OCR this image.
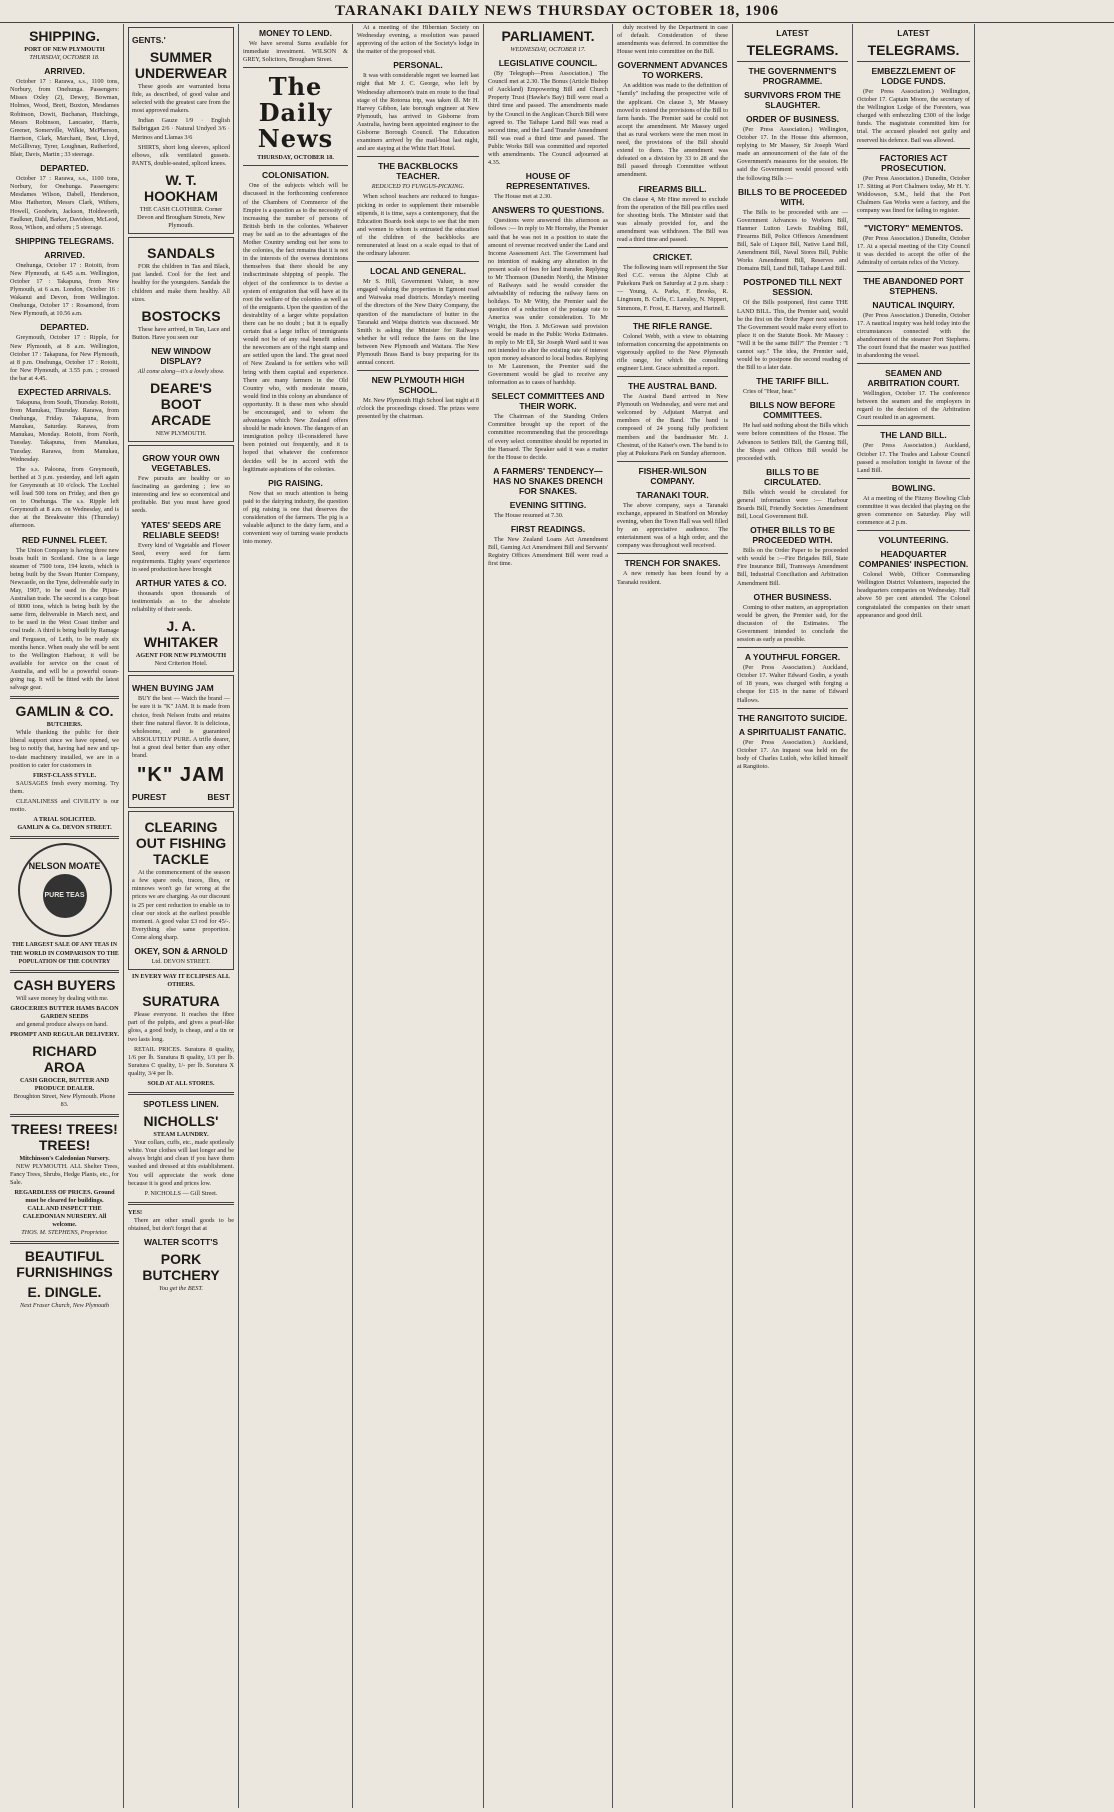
TARANAKI DAILY NEWS THURSDAY OCTOBER 18, 1906
SHIPPING.
PORT OF NEW PLYMOUTH
THURSDAY, OCTOBER 18.
ARRIVED.

October 17 : Rarawa, s.s., 1100 tons, Norbury, from Onehunga. Passengers: Misses Oxley (2), Dewey, Bowman, Holmes, Wood, Brett, Buxton, Mesdames Robinson, Dowit, Buchanan, Hutchings, Messrs Robinson, Lancaster, Harris, Greener, Somerville, Wilkie, McPherson, Harrison, Clark, Marchant, Best, Lloyd, McGillivray, Tyrer, Loughnan, Rutherford, Blair, Davis, Martin ; 33 steerage.

DEPARTED.

October 17 : Rarawa, s.s., 1100 tons, Norbury, for Onehunga. Passengers: Mesdames Wilson, Dabell, Henderson, Miss Hatherton, Messrs Clark, Withers, Howell, Goodwin, Jackson, Holdsworth, Faulkner, Dahl, Barker, Davidson, McLeod, Ross, Wilson, and others ; 5 steerage.

SHIPPING TELEGRAMS.
ARRIVED.

Onehunga, October 17 : Rotoiti, from New Plymouth, at 6.45 a.m. Wellington, October 17 : Takapuna, from New Plymouth, at 6 a.m. London, October 16 : Wakanui and Devon, from Wellington. Onehunga, October 17 : Rosamond, from New Plymouth, at 10.56 a.m.

DEPARTED.

Greymouth, October 17 : Ripple, for New Plymouth, at 8 a.m. Wellington, October 17 : Takapuna, for New Plymouth, at 8 p.m. Onehunga, October 17 : Rotoiti, for New Plymouth, at 3.55 p.m. ; crossed the bar at 4.45.

EXPECTED ARRIVALS.

Takapuna, from South, Thursday. Rotoiti, from Manukau, Thursday. Rarawa, from Onehunga, Friday. Takapuna, from Manukau, Saturday. Rarawa, from Manukau, Monday. Rotoiti, from North, Tuesday. Takapuna, from Manukau, Tuesday. Rarawa, from Manukau, Wednesday.

The s.s. Paloona, from Greymouth, berthed at 3 p.m. yesterday, and left again for Greymouth at 10 o'clock. The Lochiel will load 500 tons on Friday, and then go on to Onehunga. The s.s. Ripple left Greymouth at 8 a.m. on Wednesday, and is due at the Breakwater this (Thursday) afternoon.

RED FUNNEL FLEET.

The Union Company is having three new boats built in Scotland. One is a large steamer of 7500 tons, 194 knots, which is being built by the Swan Hunter Company, Newcastle, on the Tyne, deliverable early in May, 1907, to be used in the Pijian-Australian trade. The second is a cargo boat of 8000 tons, which is being built by the same firm, deliverable in March next, and to be used in the West Coast timber and coal trade. A third is being built by Ramage and Ferguson, of Leith, to be ready six months hence. When ready she will be sent to the Wellington Harbour, it will be available for service on the coast of Australia, and will be a powerful ocean-going tug. It will be fitted with the latest salvage gear.

GAMLIN & CO.
BUTCHERS.

While thanking the public for their liberal support since we have opened, we beg to notify that, having had new and up-to-date machinery installed, we are in a position to cater for customers in

FIRST-CLASS STYLE.

SAUSAGES fresh every morning. Try them.

CLEANLINESS and CIVILITY is our motto.

A TRIAL SOLICITED.
GAMLIN & Co. DEVON STREET.
NELSON MOATE
PURE TEAS
THE LARGEST SALE OF ANY TEAS IN THE WORLD IN COMPARISON TO THE POPULATION OF THE COUNTRY
CASH BUYERS

Will save money by dealing with me.

GROCERIES BUTTER HAMS BACON GARDEN SEEDS

and general produce always on hand.

PROMPT AND REGULAR DELIVERY.
RICHARD AROA
CASH GROCER, BUTTER AND PRODUCE DEALER.
Broughton Street, New Plymouth. Phone 83.
TREES! TREES! TREES!
Mitchinson's Caledonian Nursery.

NEW PLYMOUTH. ALL Shelter Trees, Fancy Trees, Shrubs, Hedge Plants, etc., for Sale.

REGARDLESS OF PRICES. Ground must be cleared for buildings.
CALL AND INSPECT THE CALEDONIAN NURSERY. All welcome.
THOS. M. STEPHENS, Proprietor.
BEAUTIFUL FURNISHINGS
E. DINGLE.
Next Fraser Church, New Plymouth
GENTS.'
SUMMER UNDERWEAR

These goods are warranted bona fide, as described, of good value and selected with the greatest care from the most approved makers.

Indian Gauze 1/9 · English Balbriggan 2/6 · Natural Undyed 3/6 · Merinos and Llamas 3/6

SHIRTS, short long sleeves, spliced elbows, silk ventilated gussets. PANTS, double-seated, spliced knees.

W. T. HOOKHAM
THE CASH CLOTHIER. Corner Devon and Brougham Streets, New Plymouth.
SANDALS

FOR the children in Tan and Black, just landed. Cool for the feet and healthy for the youngsters. Sandals the children and make them healthy. All sizes.

BOSTOCKS

These have arrived, in Tan, Lace and Button. Have you seen our

NEW WINDOW DISPLAY?
All come along—it's a lovely show.
DEARE'S BOOT ARCADE
NEW PLYMOUTH.
GROW YOUR OWN VEGETABLES.

Few pursuits are healthy or so fascinating as gardening ; few so interesting and few so economical and profitable. But you must have good seeds.

YATES' SEEDS ARE RELIABLE SEEDS!

Every kind of Vegetable and Flower Seed, every seed for farm requirements. Eighty years' experience in seed production have brought

ARTHUR YATES & CO.

thousands upon thousands of testimonials as to the absolute reliability of their seeds.

J. A. WHITAKER
AGENT FOR NEW PLYMOUTH
Next Criterion Hotel.
WHEN BUYING JAM

BUY the best — Watch the brand — be sure it is "K" JAM. It is made from choice, fresh Nelson fruits and retains their fine natural flavor. It is delicious, wholesome, and is guaranteed ABSOLUTELY PURE. A trifle dearer, but a great deal better than any other brand.

"K" JAM
PUREST	BEST
CLEARING OUT FISHING TACKLE

At the commencement of the season a few spare reels, traces, flies, or minnows won't go far wrong at the prices we are charging. As our discount is 25 per cent reduction to enable us to clear our stock at the earliest possible moment. A good value £3 rod for 45/-. Everything else same proportion. Come along sharp.

OKEY, SON & ARNOLD
Ltd. DEVON STREET.
IN EVERY WAY IT ECLIPSES ALL OTHERS.
SURATURA

Please everyone. It reaches the fibre part of the pulpits, and gives a pearl-like gloss, a good body, is cheap, and a tin or two lasts long.

RETAIL PRICES. Suratura 8 quality, 1/6 per lb. Suratura B quality, 1/3 per lb. Suratura C quality, 1/- per lb. Suratura X quality, 3/4 per lb.

SOLD AT ALL STORES.
SPOTLESS LINEN.
NICHOLLS'
STEAM LAUNDRY.

Your collars, cuffs, etc., made spotlessly white. Your clothes will last longer and be always bright and clean if you have them washed and dressed at this establishment. You will appreciate the work done because it is good and prices low.

P. NICHOLLS — Gill Street.
YES!

There are other small goods to be obtained, but don't forget that at

WALTER SCOTT'S
PORK BUTCHERY
You get the BEST.
MONEY TO LEND.

We have several Sums available for immediate investment. WILSON & GREY, Solicitors, Brougham Street.

The Daily News
THURSDAY, OCTOBER 18.
COLONISATION.

One of the subjects which will be discussed in the forthcoming conference of the Chambers of Commerce of the Empire is a question as to the necessity of increasing the number of persons of British birth in the colonies. Whatever may be said as to the advantages of the Mother Country sending out her sons to the colonies, the fact remains that it is not in the interests of the oversea dominions themselves that there should be any indiscriminate shipping of people. The object of the conference is to devise a system of emigration that will have at its root the welfare of the colonies as well as of the emigrants. Upon the question of the desirability of a larger white population there can be no doubt ; but it is equally certain that a large influx of immigrants would not be of any real benefit unless the newcomers are of the right stamp and are settled upon the land. The great need of New Zealand is for settlers who will bring with them capital and experience. There are many farmers in the Old Country who, with moderate means, would find in this colony an abundance of opportunity. It is these men who should be encouraged, and to whom the advantages which New Zealand offers should be made known. The dangers of an immigration policy ill-considered have been pointed out frequently, and it is hoped that whatever the conference decides will be in accord with the legitimate aspirations of the colonies.

PIG RAISING.

Now that so much attention is being paid to the dairying industry, the question of pig raising is one that deserves the consideration of the farmers. The pig is a valuable adjunct to the dairy farm, and a convenient way of turning waste products into money.

At a meeting of the Hibernian Society on Wednesday evening, a resolution was passed approving of the action of the Society's lodge in the matter of the proposed visit.

PERSONAL.

It was with considerable regret we learned last night that Mr J. C. George, who left by Wednesday afternoon's train en route to the final stage of the Rotorua trip, was taken ill. Mr H. Harvey Gibbon, late borough engineer at New Plymouth, has arrived in Gisborne from Australia, having been appointed engineer to the Gisborne Borough Council. The Education examiners arrived by the mail-boat last night, and are staying at the White Hart Hotel.

THE BACKBLOCKS TEACHER.
REDUCED TO FUNGUS-PICKING.

When school teachers are reduced to fungus-picking in order to supplement their miserable stipends, it is time, says a contemporary, that the Education Boards took steps to see that the men and women to whom is entrusted the education of the children of the backblocks are remunerated at least on a scale equal to that of the ordinary labourer.

LOCAL AND GENERAL.

Mr S. Hill, Government Valuer, is now engaged valuing the properties in Egmont road and Waiwaka road districts. Monday's meeting of the directors of the New Dairy Company, the question of the manufacture of butter in the Taranaki and Waipa districts was discussed. Mr Smith is asking the Minister for Railways whether he will reduce the fares on the line between New Plymouth and Waitara. The New Plymouth Brass Band is busy preparing for its annual concert.

NEW PLYMOUTH HIGH SCHOOL.

Mr. New Plymouth High School last night at 8 o'clock the proceedings closed. The prizes were presented by the chairman.

PARLIAMENT.
WEDNESDAY, OCTOBER 17.
LEGISLATIVE COUNCIL.

(By Telegraph—Press Association.) The Council met at 2.30. The Bonus (Article Bishop of Auckland) Empowering Bill and Church Property Trust (Hawke's Bay) Bill were read a third time and passed. The amendments made by the Council in the Anglican Church Bill were agreed to. The Taihape Land Bill was read a second time, and the Land Transfer Amendment Bill was read a third time and passed. The Public Works Bill was committed and reported with amendments. The Council adjourned at 4.35.

HOUSE OF REPRESENTATIVES.

The House met at 2.30.

ANSWERS TO QUESTIONS.

Questions were answered this afternoon as follows :— In reply to Mr Hornsby, the Premier said that he was not in a position to state the amount of revenue received under the Land and Income Assessment Act. The Government had no intention of making any alteration in the present scale of fees for land transfer. Replying to Mr Thomson (Dunedin North), the Minister of Railways said he would consider the advisability of reducing the railway fares on holidays. To Mr Witty, the Premier said the question of a reduction of the postage rate to America was under consideration. To Mr Wright, the Hon. J. McGowan said provision would be made in the Public Works Estimates. In reply to Mr Ell, Sir Joseph Ward said it was not intended to alter the existing rate of interest upon money advanced to local bodies. Replying to Mr Laurenson, the Premier said the Government would be glad to receive any information as to cases of hardship.

SELECT COMMITTEES AND THEIR WORK.

The Chairman of the Standing Orders Committee brought up the report of the committee recommending that the proceedings of every select committee should be reported in the Hansard. The Speaker said it was a matter for the House to decide.

A FARMERS' TENDENCY—HAS NO SNAKES DRENCH FOR SNAKES.
EVENING SITTING.

The House resumed at 7.30.

FIRST READINGS.

The New Zealand Loans Act Amendment Bill, Gaming Act Amendment Bill and Servants' Registry Offices Amendment Bill were read a first time.

duly received by the Department in case of default. Consideration of these amendments was deferred. In committee the House went into committee on the Bill.

GOVERNMENT ADVANCES TO WORKERS.

An addition was made to the definition of "family" including the prospective wife of the applicant. On clause 3, Mr Massey moved to extend the provisions of the Bill to farm hands. The Premier said he could not accept the amendment. Mr Massey urged that as rural workers were the men most in need, the provisions of the Bill should extend to them. The amendment was defeated on a division by 33 to 28 and the Bill passed through Committee without amendment.

FIREARMS BILL.

On clause 4, Mr Hine moved to exclude from the operation of the Bill pea rifles used for shooting birds. The Minister said that was already provided for, and the amendment was withdrawn. The Bill was read a third time and passed.

CRICKET.

The following team will represent the Star Red C.C. versus the Alpine Club at Pukekura Park on Saturday at 2 p.m. sharp :— Young, A. Parks, F. Brooks, R. Lingmum, B. Cuffe, C. Lansley, N. Nippert, Simmons, F. Frost, E. Harvey, and Hartnell.

THE RIFLE RANGE.

Colonel Webb, with a view to obtaining information concerning the appointments on vigorously applied to the New Plymouth rifle range, for which the consulting engineer Lient. Grace submitted a report.

THE AUSTRAL BAND.

The Austral Band arrived in New Plymouth on Wednesday, and were met and welcomed by Adjutant Marryat and members of the Band. The band is composed of 24 young fully proficient members and the bandmaster Mr. J. Chestnut, of the Kaiser's own. The band is to play at Pukekura Park on Sunday afternoon.

FISHER-WILSON COMPANY.
TARANAKI TOUR.

The above company, says a Taranaki exchange, appeared in Stratford on Monday evening, when the Town Hall was well filled by an appreciative audience. The entertainment was of a high order, and the company was throughout well received.

TRENCH FOR SNAKES.

A new remedy has been found by a Taranaki resident.

LATEST
TELEGRAMS.
THE GOVERNMENT'S PROGRAMME.
SURVIVORS FROM THE SLAUGHTER.
ORDER OF BUSINESS.

(Per Press Association.) Wellington, October 17. In the House this afternoon, replying to Mr Massey, Sir Joseph Ward made an announcement of the fate of the Government's measures for the session. He said the Government would proceed with the following Bills :—

BILLS TO BE PROCEEDED WITH.

The Bills to be proceeded with are — Government Advances to Workers Bill, Hanmer Lutton Lewis Enabling Bill, Firearms Bill, Police Offences Amendment Bill, Sale of Liquor Bill, Native Land Bill, Amendment Bill, Naval Stores Bill, Public Works Amendment Bill, Reserves and Domains Bill, Land Bill, Taihape Land Bill.

POSTPONED TILL NEXT SESSION.

Of the Bills postponed, first came THE LAND BILL. This, the Premier said, would be the first on the Order Paper next session. The Government would make every effort to place it on the Statute Book. Mr Massey : "Will it be the same Bill?" The Premier : "I cannot say." The idea, the Premier said, would be to postpone the second reading of the Bill to a later date.

THE TARIFF BILL.

Cries of "Hear, hear."

BILLS NOW BEFORE COMMITTEES.

He had said nothing about the Bills which were before committees of the House. The Advances to Settlers Bill, the Gaming Bill, the Shops and Offices Bill would be proceeded with.

BILLS TO BE CIRCULATED.

Bills which would be circulated for general information were :— Harbour Boards Bill, Friendly Societies Amendment Bill, Local Government Bill.

OTHER BILLS TO BE PROCEEDED WITH.

Bills on the Order Paper to be proceeded with would be :—Fire Brigades Bill, State Fire Insurance Bill, Tramways Amendment Bill, Industrial Conciliation and Arbitration Amendment Bill.

OTHER BUSINESS.

Coming to other matters, an appropriation would be given, the Premier said, for the discussion of the Estimates. The Government intended to conclude the session as early as possible.

A YOUTHFUL FORGER.

(Per Press Association.) Auckland, October 17. Walter Edward Godin, a youth of 18 years, was charged with forging a cheque for £15 in the name of Edward Hallows.

THE RANGITOTO SUICIDE.
A SPIRITUALIST FANATIC.

(Per Press Association.) Auckland, October 17. An inquest was held on the body of Charles Lutloh, who killed himself at Rangitoto.

LATEST
TELEGRAMS.
EMBEZZLEMENT OF LODGE FUNDS.

(Per Press Association.) Wellington, October 17. Captain Moore, the secretary of the Wellington Lodge of the Foresters, was charged with embezzling £300 of the lodge funds. The magistrate committed him for trial. The accused pleaded not guilty and reserved his defence. Bail was allowed.

FACTORIES ACT PROSECUTION.

(Per Press Association.) Dunedin, October 17. Sitting at Port Chalmers today, Mr H. Y. Widdowson, S.M., held that the Port Chalmers Gas Works were a factory, and the company was fined for failing to register.

"VICTORY" MEMENTOS.

(Per Press Association.) Dunedin, October 17. At a special meeting of the City Council it was decided to accept the offer of the Admiralty of certain relics of the Victory.

THE ABANDONED PORT STEPHENS.
NAUTICAL INQUIRY.

(Per Press Association.) Dunedin, October 17. A nautical inquiry was held today into the circumstances connected with the abandonment of the steamer Port Stephens. The court found that the master was justified in abandoning the vessel.

SEAMEN AND ARBITRATION COURT.

Wellington, October 17. The conference between the seamen and the employers in regard to the decision of the Arbitration Court resulted in an agreement.

THE LAND BILL.

(Per Press Association.) Auckland, October 17. The Trades and Labour Council passed a resolution tonight in favour of the Land Bill.

BOWLING.

At a meeting of the Fitzroy Bowling Club committee it was decided that playing on the green commence on Saturday. Play will commence at 2 p.m.

VOLUNTEERING.
HEADQUARTER COMPANIES' INSPECTION.

Colonel Webb, Officer Commanding Wellington District Volunteers, inspected the headquarters companies on Wednesday. Half above 50 per cent attended. The Colonel congratulated the companies on their smart appearance and good drill.
